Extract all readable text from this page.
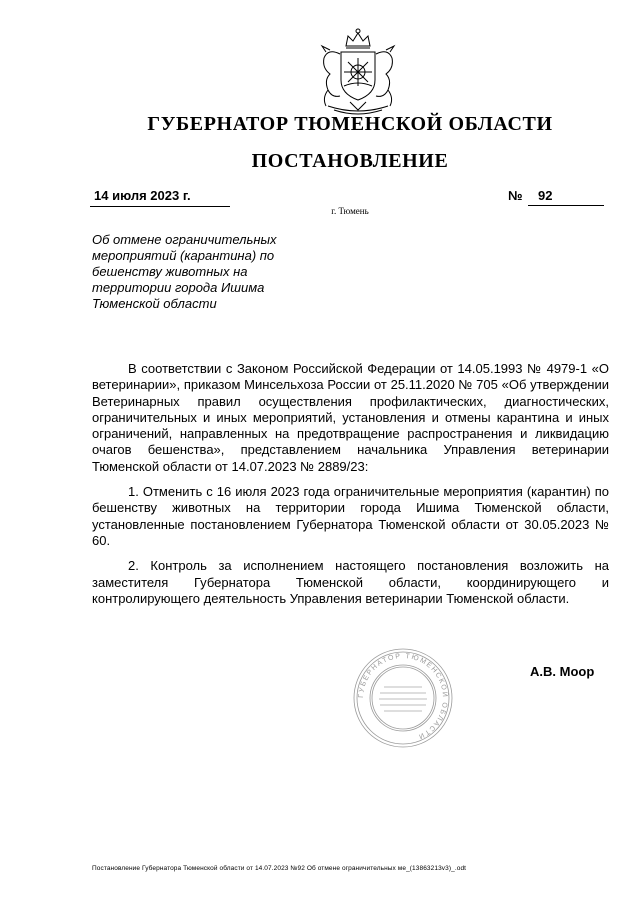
ГУБЕРНАТОР ТЮМЕНСКОЙ ОБЛАСТИ
ПОСТАНОВЛЕНИЕ
14 июля 2023 г.	№ 92
г. Тюмень
Об отмене ограничительных
мероприятий (карантина) по
бешенству животных на
территории города Ишима
Тюменской области

В соответствии с Законом Российской Федерации от 14.05.1993 № 4979-1 «О ветеринарии», приказом Минсельхоза России от 25.11.2020 № 705 «Об утверждении Ветеринарных правил осуществления профилактических, диагностических, ограничительных и иных мероприятий, установления и отмены карантина и иных ограничений, направленных на предотвращение распространения и ликвидацию очагов бешенства», представлением начальника Управления ветеринарии Тюменской области от 14.07.2023 № 2889/23:

1. Отменить с 16 июля 2023 года ограничительные мероприятия (карантин) по бешенству животных на территории города Ишима Тюменской области, установленные постановлением Губернатора Тюменской области от 30.05.2023 № 60.

2. Контроль за исполнением настоящего постановления возложить на заместителя Губернатора Тюменской области, координирующего и контролирующего деятельность Управления ветеринарии Тюменской области.

ГУБЕРНАТОР ТЮМЕНСКОЙ ОБЛАСТИ
А.В. Моор
Постановление Губернатора Тюменской области от 14.07.2023 №92 Об отмене ограничительных ме_(13863213v3)_.odt
